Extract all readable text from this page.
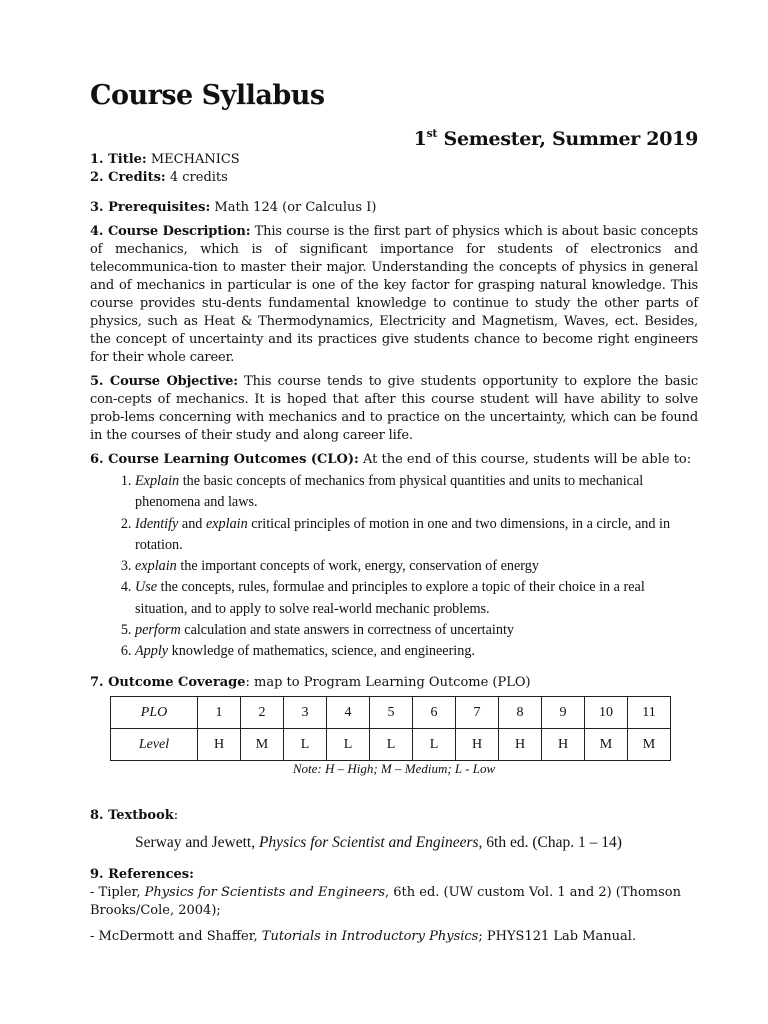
Course Syllabus
1st Semester, Summer 2019

1. Title: MECHANICS

2. Credits: 4 credits

3. Prerequisites: Math 124 (or Calculus I)

4. Course Description: This course is the first part of physics which is about basic concepts of mechanics, which is of significant importance for students of electronics and telecommunica-tion to master their major. Understanding the concepts of physics in general and of mechanics in particular is one of the key factor for grasping natural knowledge. This course provides stu-dents fundamental knowledge to continue to study the other parts of physics, such as Heat & Thermodynamics, Electricity and Magnetism, Waves, ect. Besides, the concept of uncertainty and its practices give students chance to become right engineers for their whole career.

5. Course Objective: This course tends to give students opportunity to explore the basic con-cepts of mechanics. It is hoped that after this course student will have ability to solve prob-lems concerning with mechanics and to practice on the uncertainty, which can be found in the courses of their study and along career life.

6. Course Learning Outcomes (CLO): At the end of this course, students will be able to:

1. Explain the basic concepts of mechanics from physical quantities and units to mechanical phenomena and laws.
2. Identify and explain critical principles of motion in one and two dimensions, in a circle, and in rotation.
3. explain the important concepts of work, energy, conservation of energy
4. Use the concepts, rules, formulae and principles to explore a topic of their choice in a real situation, and to apply to solve real-world mechanic problems.
5. perform calculation and state answers in correctness of uncertainty
6. Apply knowledge of mathematics, science, and engineering.

7. Outcome Coverage: map to Program Learning Outcome (PLO)

PLO	1	2	3	4	5	6	7	8	9	10	11
Level	H	M	L	L	L	L	H	H	H	M	M
Note: H – High; M – Medium; L - Low

8. Textbook:

Serway and Jewett, Physics for Scientist and Engineers, 6th ed. (Chap. 1 – 14)

9. References:

- Tipler, Physics for Scientists and Engineers, 6th ed. (UW custom Vol. 1 and 2) (Thomson Brooks/Cole, 2004);

- McDermott and Shaffer, Tutorials in Introductory Physics; PHYS121 Lab Manual.
